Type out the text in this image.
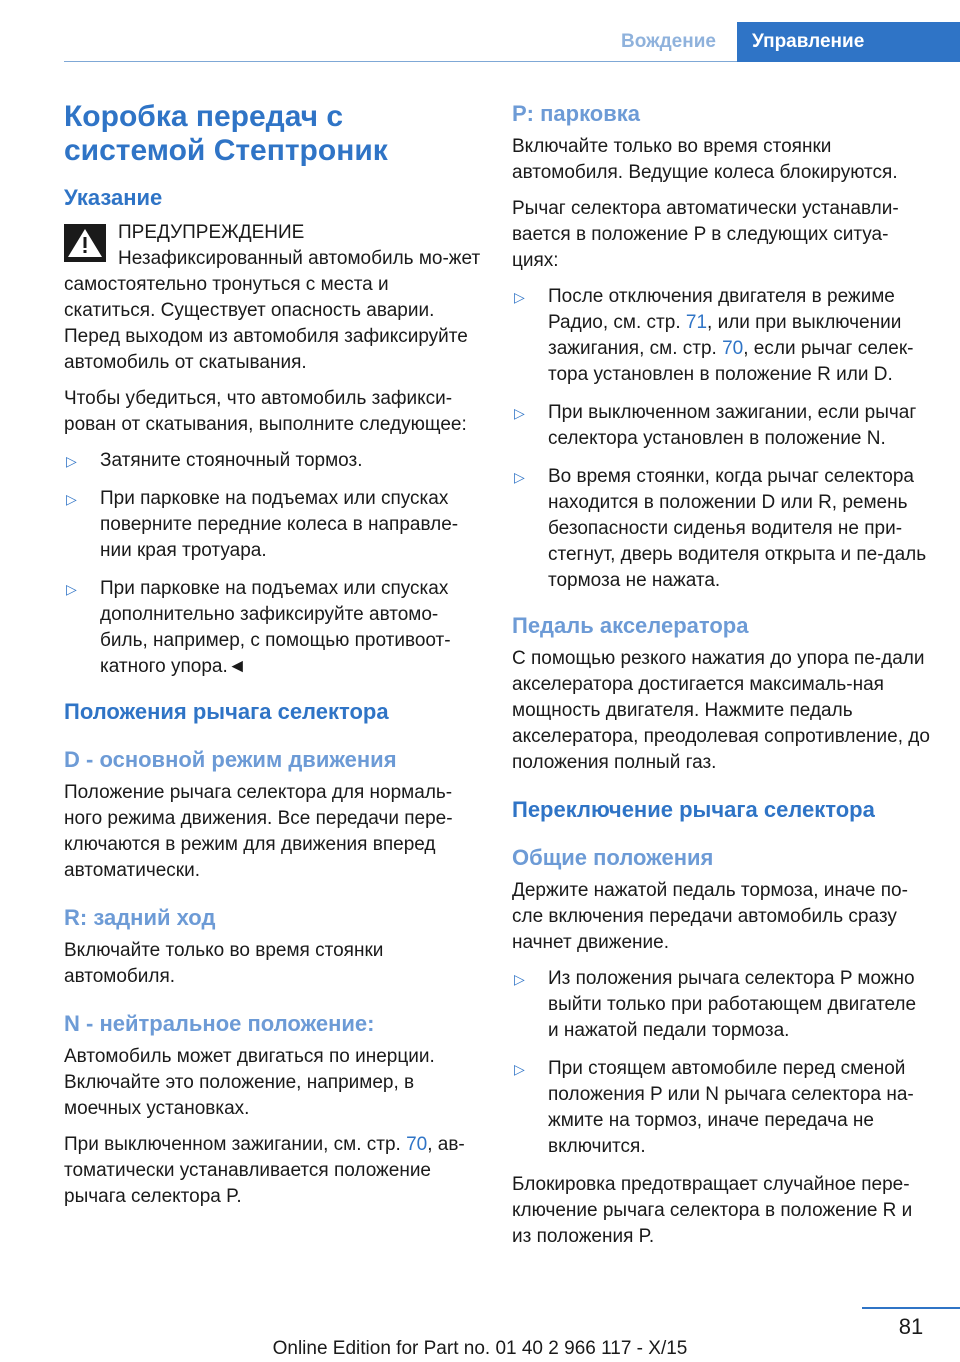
Вождение	Управление
Коробка передач с
системой Стептроник
Указание
ПРЕДУПРЕЖДЕНИЕ
Незафиксированный автомобиль мо-жет самостоятельно тронуться с места и скатиться. Существует опасность аварии. Перед выходом из автомобиля зафиксируйте автомобиль от скатывания.

Чтобы убедиться, что автомобиль зафикси-рован от скатывания, выполните следующее:

▷ Затяните стояночный тормоз.
▷ При парковке на подъемах или спусках поверните передние колеса в направле-нии края тротуара.
▷ При парковке на подъемах или спусках дополнительно зафиксируйте автомо-биль, например, с помощью противоот-катного упора.◄
Положения рычага селектора
D - основной режим движения

Положение рычага селектора для нормаль-ного режима движения. Все передачи пере-ключаются в режим для движения вперед автоматически.

R: задний ход

Включайте только во время стоянки автомобиля.

N - нейтральное положение:

Автомобиль может двигаться по инерции. Включайте это положение, например, в моечных установках.

При выключенном зажигании, см. стр. 70, ав-томатически устанавливается положение рычага селектора P.

P: парковка

Включайте только во время стоянки автомобиля. Ведущие колеса блокируются.

Рычаг селектора автоматически устанавли-вается в положение P в следующих ситуа-циях:

▷ После отключения двигателя в режиме Радио, см. стр. 71, или при выключении зажигания, см. стр. 70, если рычаг селек-тора установлен в положение R или D.
▷ При выключенном зажигании, если рычаг селектора установлен в положение N.
▷ Во время стоянки, когда рычаг селектора находится в положении D или R, ремень безопасности сиденья водителя не при-стегнут, дверь водителя открыта и пе-даль тормоза не нажата.
Педаль акселератора

С помощью резкого нажатия до упора пе-дали акселератора достигается максималь-ная мощность двигателя. Нажмите педаль акселератора, преодолевая сопротивление, до положения полный газ.

Переключение рычага селектора
Общие положения

Держите нажатой педаль тормоза, иначе по-сле включения передачи автомобиль сразу начнет движение.

▷ Из положения рычага селектора P можно выйти только при работающем двигателе и нажатой педали тормоза.
▷ При стоящем автомобиле перед сменой положения P или N рычага селектора на-жмите на тормоз, иначе передача не включится.

Блокировка предотвращает случайное пере-ключение рычага селектора в положение R и из положения P.

81
Online Edition for Part no. 01 40 2 966 117 - X/15
